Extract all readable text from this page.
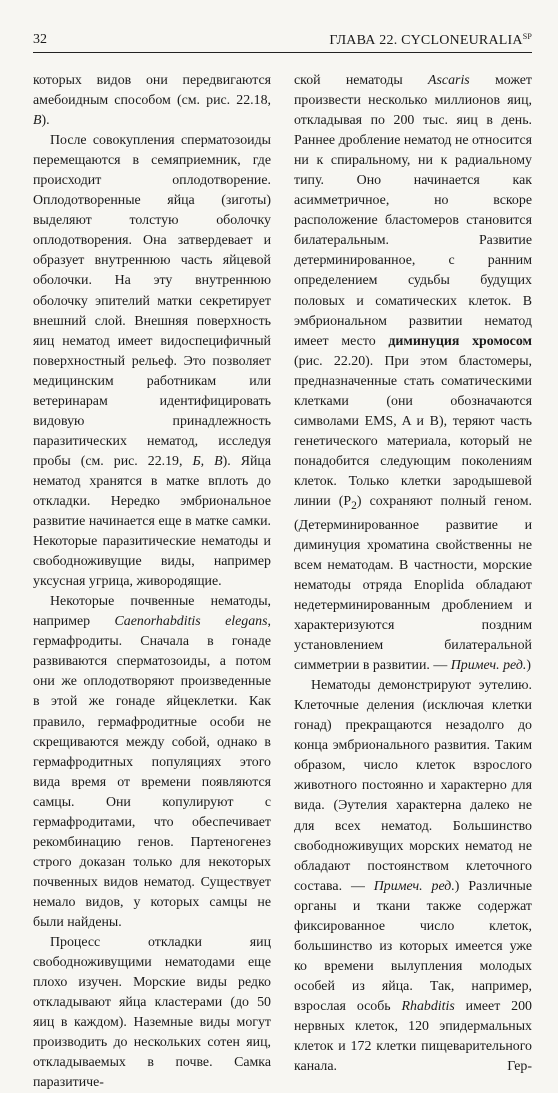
32	ГЛАВА 22. $CYCLONEURALIA^{SP}$

которых видов они передвигаются амебоидным способом (см. рис. 22.18, В).

После совокупления сперматозоиды перемещаются в семяприемник, где происходит оплодотворение. Оплодотворенные яйца (зиготы) выделяют толстую оболочку оплодотворения. Она затвердевает и образует внутреннюю часть яйцевой оболочки. На эту внутреннюю оболочку эпителий матки секретирует внешний слой. Внешняя поверхность яиц нематод имеет видоспецифичный поверхностный рельеф. Это позволяет медицинским работникам или ветеринарам идентифицировать видовую принадлежность паразитических нематод, исследуя пробы (см. рис. 22.19, Б, В). Яйца нематод хранятся в матке вплоть до откладки. Нередко эмбриональное развитие начинается еще в матке самки. Некоторые паразитические нематоды и свободноживущие виды, например уксусная угрица, живородящие.

Некоторые почвенные нематоды, например Caenorhabditis elegans, гермафродиты. Сначала в гонаде развиваются сперматозоиды, а потом они же оплодотворяют произведенные в этой же гонаде яйцеклетки. Как правило, гермафродитные особи не скрещиваются между собой, однако в гермафродитных популяциях этого вида время от времени появляются самцы. Они копулируют с гермафродитами, что обеспечивает рекомбинацию генов. Партеногенез строго доказан только для некоторых почвенных видов нематод. Существует немало видов, у которых самцы не были найдены.

Процесс откладки яиц свободноживущими нематодами еще плохо изучен. Морские виды редко откладывают яйца кластерами (до 50 яиц в каждом). Наземные виды могут производить до нескольких сотен яиц, откладываемых в почве. Самка паразитиче-

ской нематоды Ascaris может произвести несколько миллионов яиц, откладывая по 200 тыс. яиц в день. Раннее дробление нематод не относится ни к спиральному, ни к радиальному типу. Оно начинается как асимметричное, но вскоре расположение бластомеров становится билатеральным. Развитие детерминированное, с ранним определением судьбы будущих половых и соматических клеток. В эмбриональном развитии нематод имеет место диминуция хромосом (рис. 22.20). При этом бластомеры, предназначенные стать соматическими клетками (они обозначаются символами EMS, A и B), теряют часть генетического материала, который не понадобится следующим поколениям клеток. Только клетки зародышевой линии $(P_2)$ сохраняют полный геном. (Детерминированное развитие и диминуция хроматина свойственны не всем нематодам. В частности, морские нематоды отряда Enoplida обладают недетерминированным дроблением и характеризуются поздним установлением билатеральной симметрии в развитии. — Примеч. ред.)

Нематоды демонстрируют эутелию. Клеточные деления (исключая клетки гонад) прекращаются незадолго до конца эмбрионального развития. Таким образом, число клеток взрослого животного постоянно и характерно для вида. (Эутелия характерна далеко не для всех нематод. Большинство свободноживущих морских нематод не обладают постоянством клеточного состава. — Примеч. ред.) Различные органы и ткани также содержат фиксированное число клеток, большинство из которых имеется уже ко времени вылупления молодых особей из яйца. Так, например, взрослая особь Rhabditis имеет 200 нервных клеток, 120 эпидермальных клеток и 172 клетки пищеварительного канала. Гер-
